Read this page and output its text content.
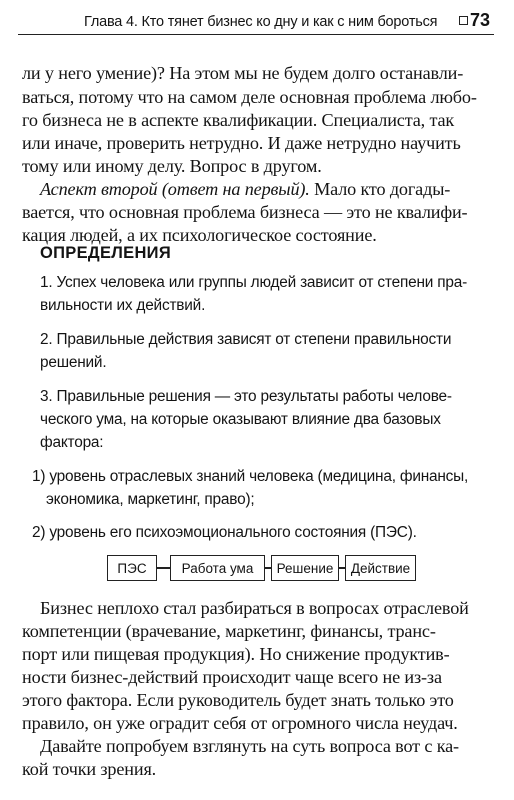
Глава 4. Кто тянет бизнес ко дну и как с ним бороться 73
ли у него умение)? На этом мы не будем долго останавли-
ваться, потому что на самом деле основная проблема любо-
го бизнеса не в аспекте квалификации. Специалиста, так
или иначе, проверить нетрудно. И даже нетрудно научить
тому или иному делу. Вопрос в другом.
Аспект второй (ответ на первый). Мало кто догады-
вается, что основная проблема бизнеса — это не квалифи-
кация людей, а их психологическое состояние.
ОПРЕДЕЛЕНИЯ
1. Успех человека или группы людей зависит от степени пра-
вильности их действий.
2. Правильные действия зависят от степени правильности
решений.
3. Правильные решения — это результаты работы челове-
ческого ума, на которые оказывают влияние два базовых
фактора:
1) уровень отраслевых знаний человека (медицина, финансы,
экономика, маркетинг, право);
2) уровень его психоэмоционального состояния (ПЭС).
ПЭС	Работа ума	Решение	Действие
Бизнес неплохо стал разбираться в вопросах отраслевой
компетенции (врачевание, маркетинг, финансы, транс-
порт или пищевая продукция). Но снижение продуктив-
ности бизнес-действий происходит чаще всего не из-за
этого фактора. Если руководитель будет знать только это
правило, он уже оградит себя от огромного числа неудач.
Давайте попробуем взглянуть на суть вопроса вот с ка-
кой точки зрения.
